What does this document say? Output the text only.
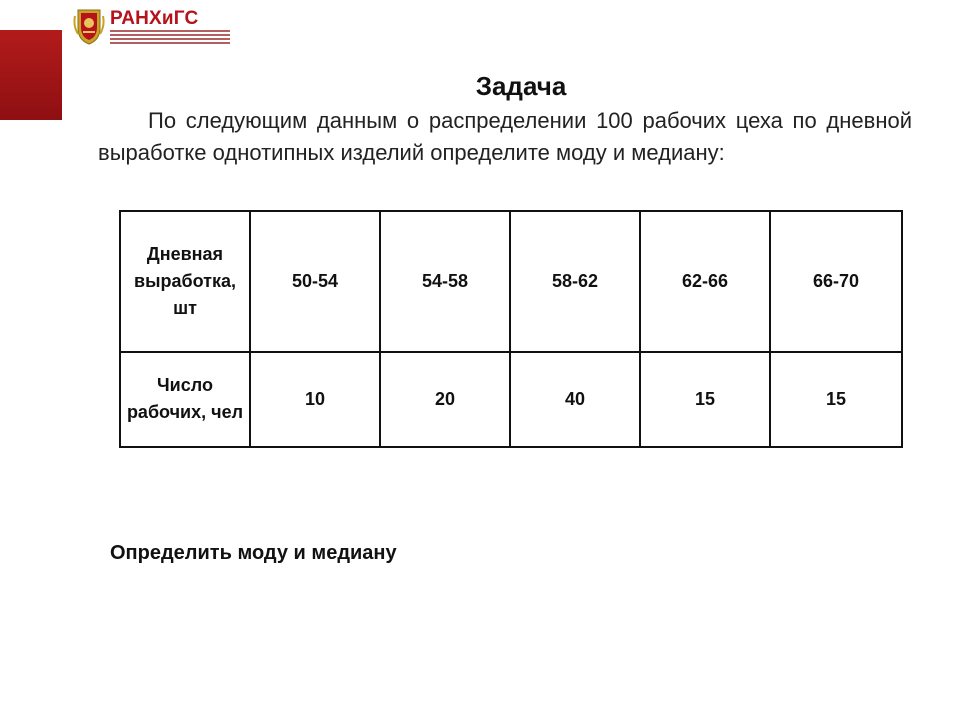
РАНХиГС
Задача
По следующим данным о распределении 100 рабочих цеха по дневной выработке однотипных изделий определите моду и медиану:
Дневная выработка, шт	50-54	54-58	58-62	62-66	66-70
Число рабочих, чел	10	20	40	15	15
Определить моду и медиану
